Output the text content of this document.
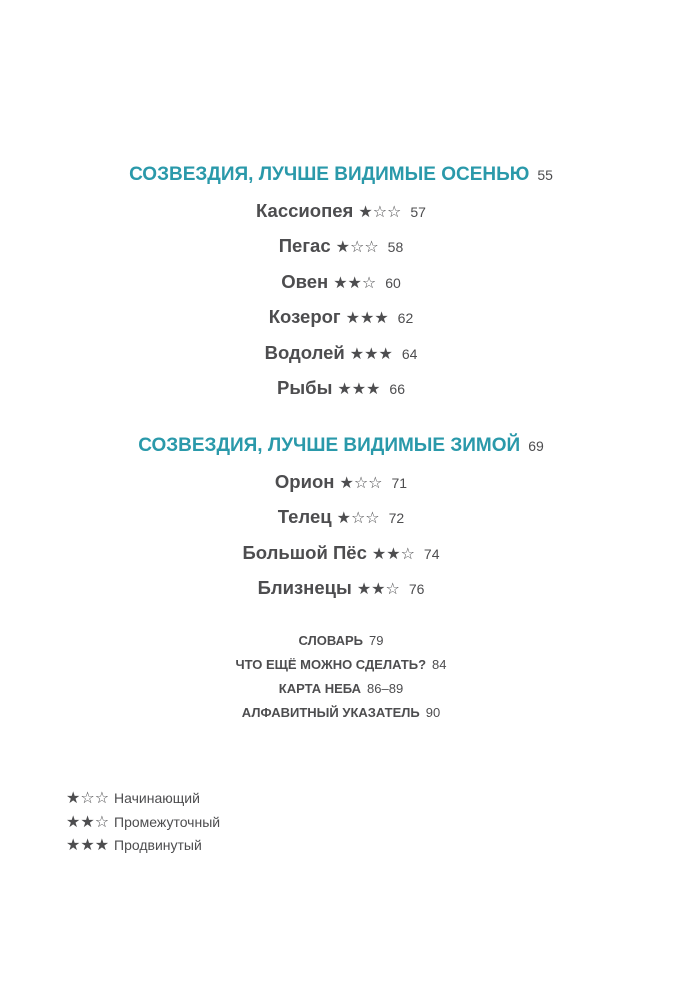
СОЗВЕЗДИЯ, ЛУЧШЕ ВИДИМЫЕ ОСЕНЬЮ 55
Кассиопея ★☆☆ 57
Пегас ★☆☆ 58
Овен ★★☆ 60
Козерог ★★★ 62
Водолей ★★★ 64
Рыбы ★★★ 66
СОЗВЕЗДИЯ, ЛУЧШЕ ВИДИМЫЕ ЗИМОЙ 69
Орион ★☆☆ 71
Телец ★☆☆ 72
Большой Пёс ★★☆ 74
Близнецы ★★☆ 76
СЛОВАРЬ 79
ЧТО ЕЩЁ МОЖНО СДЕЛАТЬ? 84
КАРТА НЕБА 86–89
АЛФАВИТНЫЙ УКАЗАТЕЛЬ 90
★☆☆ Начинающий
★★☆ Промежуточный
★★★ Продвинутый
